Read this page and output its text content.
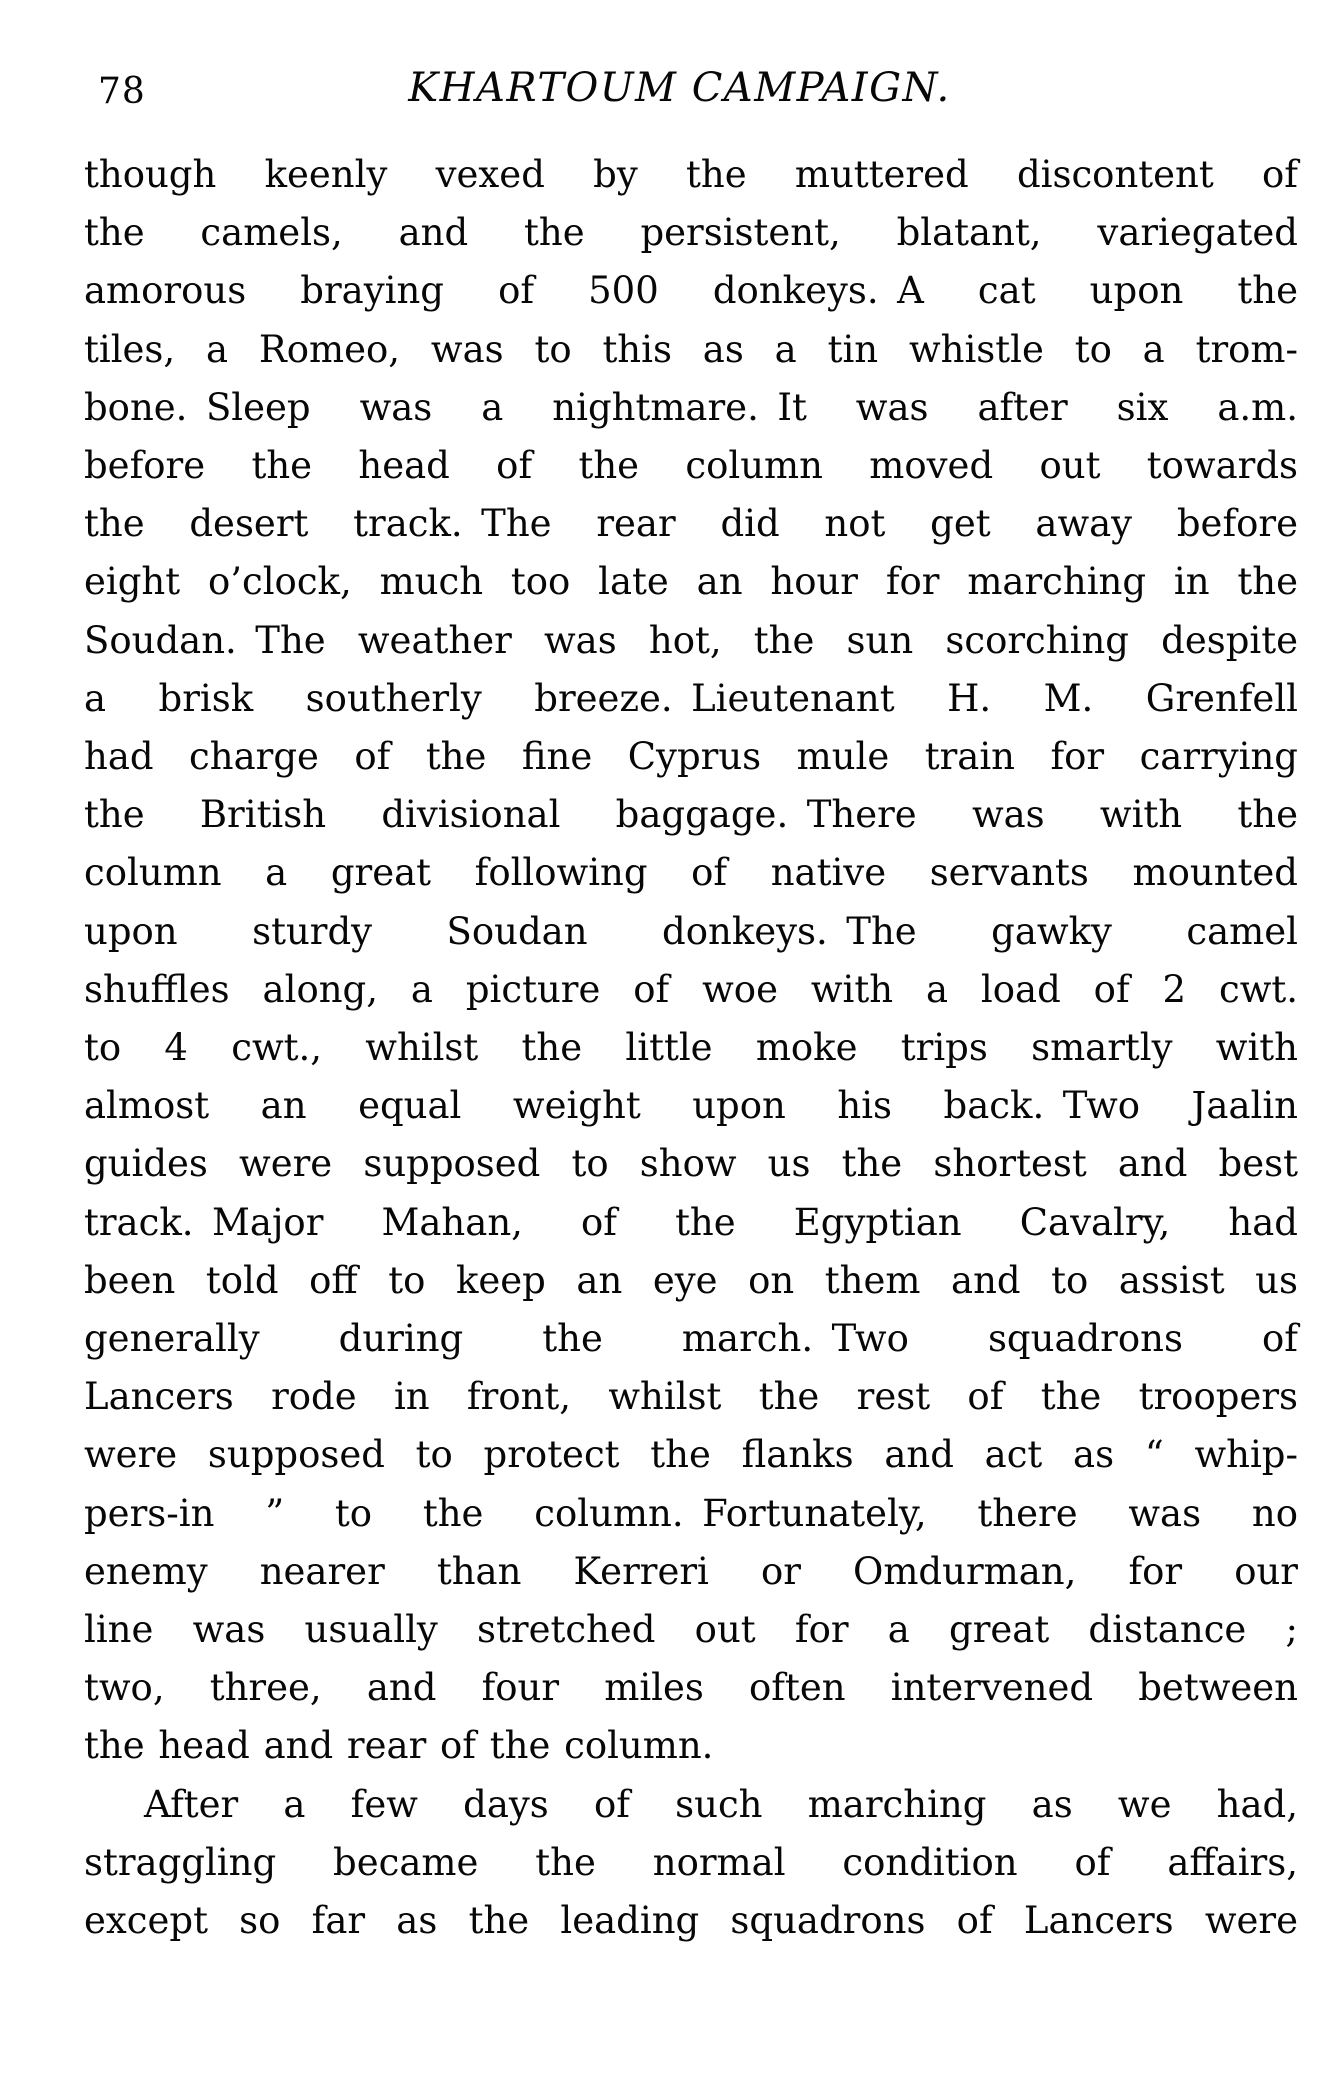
78	KHARTOUM CAMPAIGN.
though keenly vexed by the muttered discontent of
the camels, and the persistent, blatant, variegated
amorous braying of 500 donkeys. A cat upon the
tiles, a Romeo, was to this as a tin whistle to a trom-
bone. Sleep was a nightmare. It was after six a.m.
before the head of the column moved out towards
the desert track. The rear did not get away before
eight o’clock, much too late an hour for marching in the
Soudan. The weather was hot, the sun scorching despite
a brisk southerly breeze. Lieutenant H. M. Grenfell
had charge of the fine Cyprus mule train for carrying
the British divisional baggage. There was with the
column a great following of native servants mounted
upon sturdy Soudan donkeys. The gawky camel
shuffles along, a picture of woe with a load of 2 cwt.
to 4 cwt., whilst the little moke trips smartly with
almost an equal weight upon his back. Two Jaalin
guides were supposed to show us the shortest and best
track. Major Mahan, of the Egyptian Cavalry, had
been told off to keep an eye on them and to assist us
generally during the march. Two squadrons of
Lancers rode in front, whilst the rest of the troopers
were supposed to protect the flanks and act as “ whip-
pers-in ” to the column. Fortunately, there was no
enemy nearer than Kerreri or Omdurman, for our
line was usually stretched out for a great distance ;
two, three, and four miles often intervened between
the head and rear of the column.
After a few days of such marching as we had,
straggling became the normal condition of affairs,
except so far as the leading squadrons of Lancers were
